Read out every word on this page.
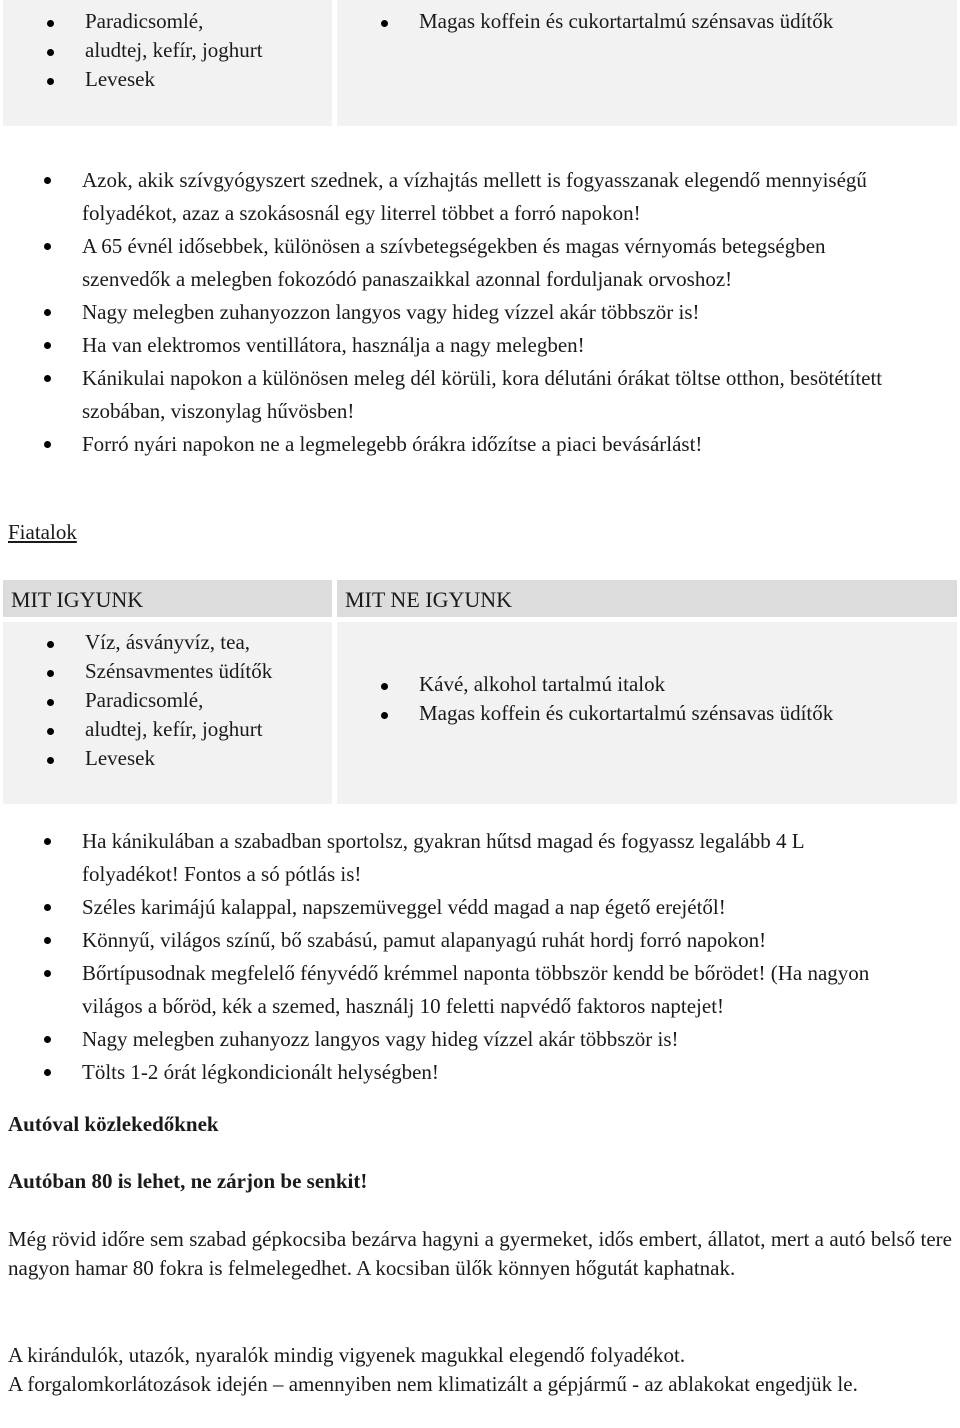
Paradicsomlé,
aludtej, kefír, joghurt
Levesek
Magas koffein és cukortartalmú szénsavas üdítők
Azok, akik szívgyógyszert szednek, a vízhajtás mellett is fogyasszanak elegendő mennyiségű folyadékot, azaz a szokásosnál egy literrel többet a forró napokon!
A 65 évnél idősebbek, különösen a szívbetegségekben és magas vérnyomás betegségben szenvedők a melegben fokozódó panaszaikkal azonnal forduljanak orvoshoz!
Nagy melegben zuhanyozzon langyos vagy hideg vízzel akár többször is!
Ha van elektromos ventillátora, használja a nagy melegben!
Kánikulai napokon a különösen meleg dél körüli, kora délutáni órákat töltse otthon, besötétített szobában, viszonylag hűvösben!
Forró nyári napokon ne a legmelegebb órákra időzítse a piaci bevásárlást!
Fiatalok
MIT IGYUNK	MIT NE IGYUNK
Víz, ásványvíz, tea,
Szénsavmentes üdítők
Paradicsomlé,
aludtej, kefír, joghurt
Levesek
Kávé, alkohol tartalmú italok
Magas koffein és cukortartalmú szénsavas üdítők
Ha kánikulában a szabadban sportolsz, gyakran hűtsd magad és fogyassz legalább 4 L folyadékot! Fontos a só pótlás is!
Széles karimájú kalappal, napszemüveggel védd magad a nap égető erejétől!
Könnyű, világos színű, bő szabású, pamut alapanyagú ruhát hordj forró napokon!
Bőrtípusodnak megfelelő fényvédő krémmel naponta többször kendd be bőrödet! (Ha nagyon világos a bőröd, kék a szemed, használj 10 feletti napvédő faktoros naptejet!
Nagy melegben zuhanyozz langyos vagy hideg vízzel akár többször is!
Tölts 1-2 órát légkondicionált helységben!
Autóval közlekedőknek
Autóban 80 is lehet, ne zárjon be senkit!
Még rövid időre sem szabad gépkocsiba bezárva hagyni a gyermeket, idős embert, állatot, mert a autó belső tere nagyon hamar 80 fokra is felmelegedhet. A kocsiban ülők könnyen hőgutát kaphatnak.
A kirándulók, utazók, nyaralók mindig vigyenek magukkal elegendő folyadékot.
A forgalomkorlátozások idején – amennyiben nem klimatizált a gépjármű - az ablakokat engedjük le.
